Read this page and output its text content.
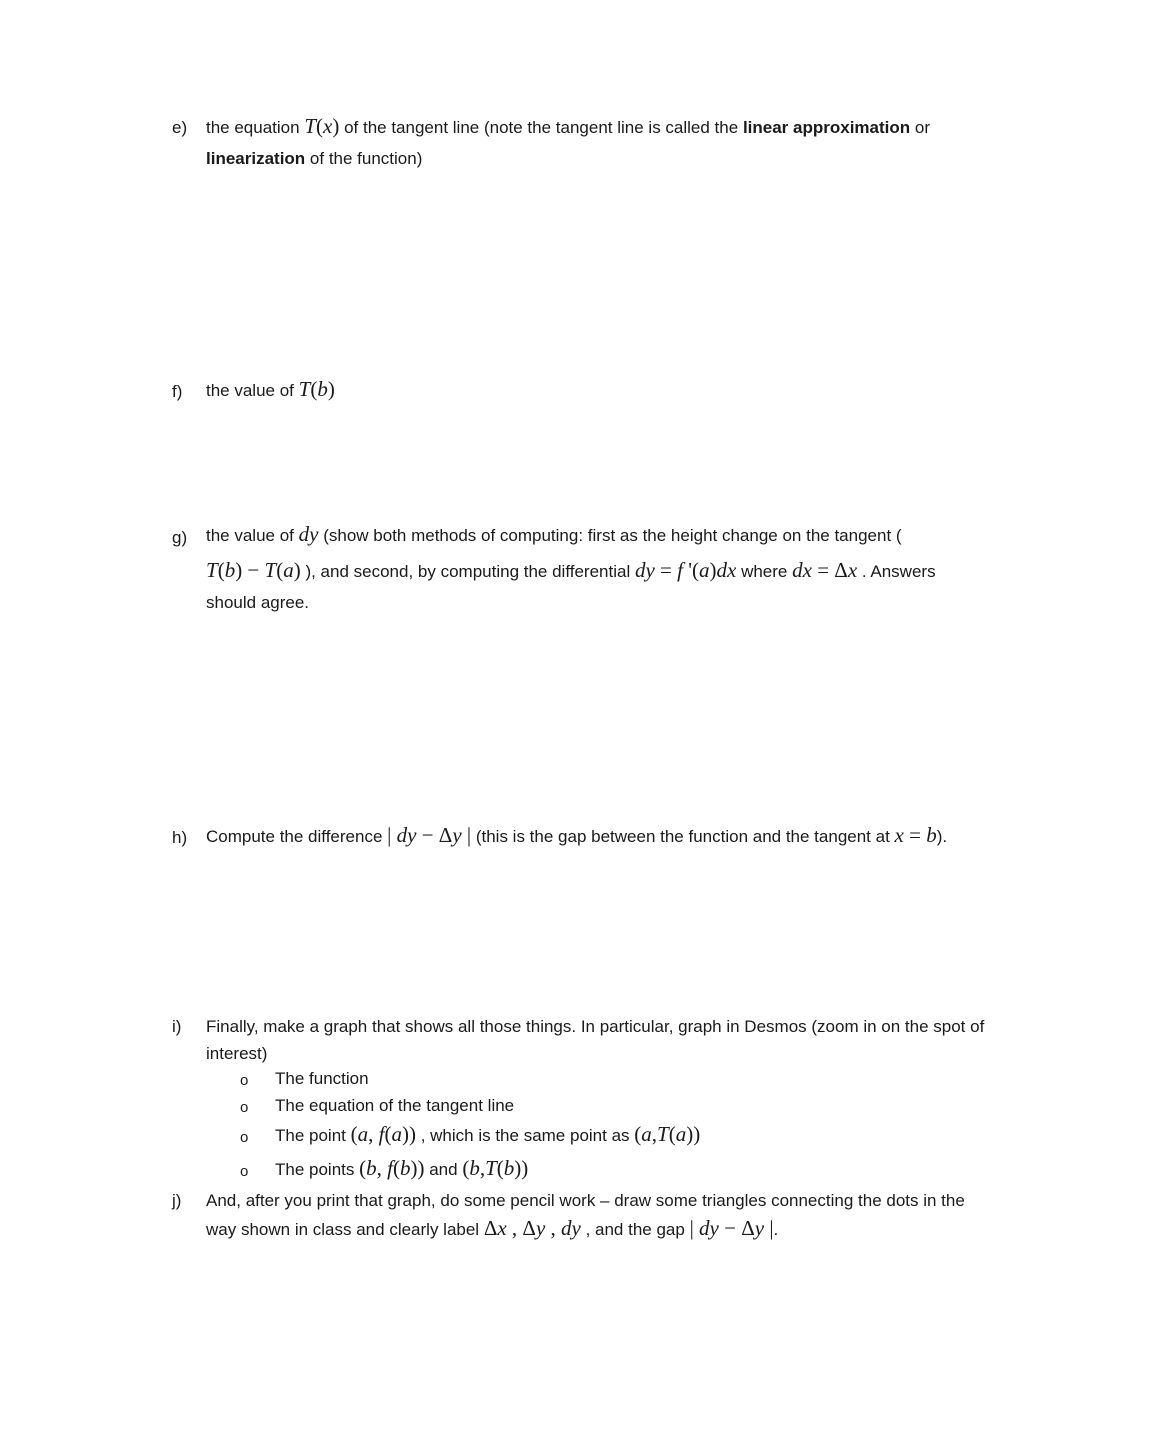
e) the equation T(x) of the tangent line (note the tangent line is called the linear approximation or
linearization of the function)
f) the value of T(b)
g) the value of dy (show both methods of computing: first as the height change on the tangent (
T(b) − T(a) ), and second, by computing the differential dy = f '(a)dx where dx = Δx . Answers
should agree.
h) Compute the difference | dy − Δy | (this is the gap between the function and the tangent at x = b).
i) Finally, make a graph that shows all those things. In particular, graph in Desmos (zoom in on the spot of
interest)
o The function
o The equation of the tangent line
o The point (a, f(a)) , which is the same point as (a,T(a))
o The points (b, f(b)) and (b,T(b))
j) And, after you print that graph, do some pencil work – draw some triangles connecting the dots in the
way shown in class and clearly label Δx , Δy , dy , and the gap | dy − Δy |.
